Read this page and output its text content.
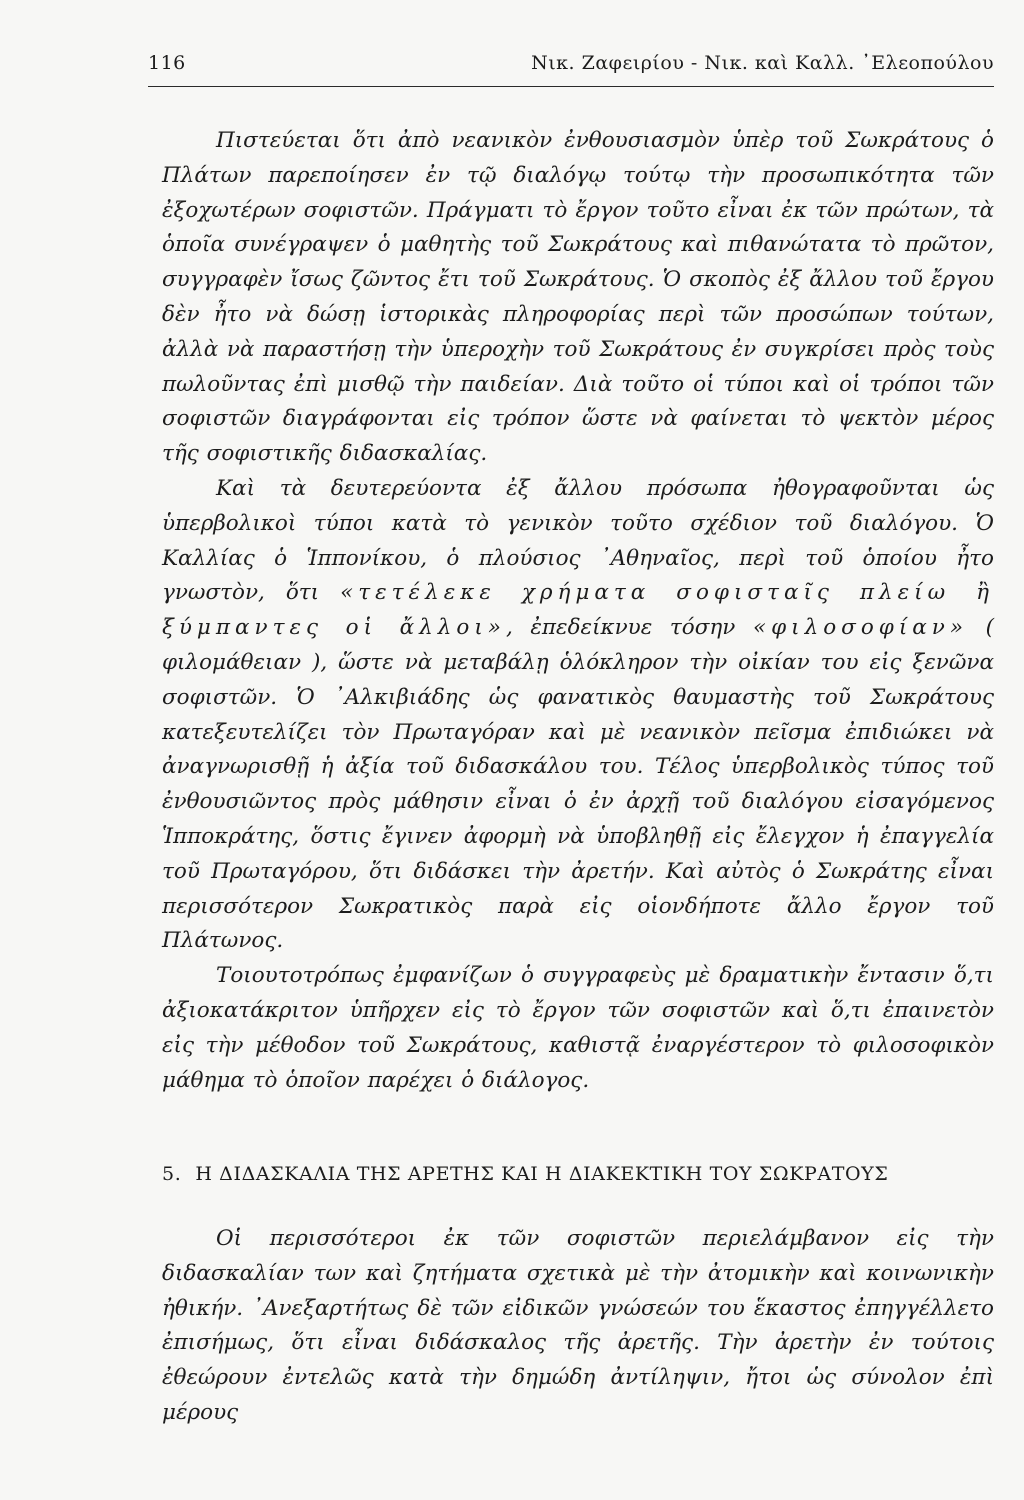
116	Νικ. Ζαφειρίου - Νικ. καὶ Καλλ. ᾿Ελεοπούλου

Πιστεύεται ὅτι ἀπὸ νεανικὸν ἐνθουσιασμὸν ὑπὲρ τοῦ Σωκράτους ὁ Πλάτων παρεποίησεν ἐν τῷ διαλόγῳ τούτῳ τὴν προσωπικότητα τῶν ἐξοχωτέρων σοφιστῶν. Πράγματι τὸ ἔργον τοῦτο εἶναι ἐκ τῶν πρώτων, τὰ ὁποῖα συνέγραψεν ὁ μαθητὴς τοῦ Σωκράτους καὶ πιθανώτατα τὸ πρῶτον, συγγραφὲν ἴσως ζῶντος ἔτι τοῦ Σωκράτους. Ὁ σκοπὸς ἐξ ἄλλου τοῦ ἔργου δὲν ἦτο νὰ δώσῃ ἱστορικὰς πληροφορίας περὶ τῶν προσώπων τούτων, ἀλλὰ νὰ παραστήσῃ τὴν ὑπεροχὴν τοῦ Σωκράτους ἐν συγκρίσει πρὸς τοὺς πωλοῦντας ἐπὶ μισθῷ τὴν παιδείαν. Διὰ τοῦτο οἱ τύποι καὶ οἱ τρόποι τῶν σοφιστῶν διαγράφονται εἰς τρόπον ὥστε νὰ φαίνεται τὸ ψεκτὸν μέρος τῆς σοφιστικῆς διδασκαλίας.

Καὶ τὰ δευτερεύοντα ἐξ ἄλλου πρόσωπα ἠθογραφοῦνται ὡς ὑπερβολικοὶ τύποι κατὰ τὸ γενικὸν τοῦτο σχέδιον τοῦ διαλόγου. Ὁ Καλλίας ὁ Ἱππονίκου, ὁ πλούσιος ᾿Αθηναῖος, περὶ τοῦ ὁποίου ἦτο γνωστὸν, ὅτι «τετέλεκε χρήματα σοφισταῖς πλείω ἢ ξύμπαντες οἱ ἄλλοι», ἐπεδείκνυε τόσην «φιλοσοφίαν» ( φιλομάθειαν ), ὥστε νὰ μεταβάλῃ ὁλόκληρον τὴν οἰκίαν του εἰς ξενῶνα σοφιστῶν. Ὁ ᾿Αλκιβιάδης ὡς φανατικὸς θαυμαστὴς τοῦ Σωκράτους κατεξευτελίζει τὸν Πρωταγόραν καὶ μὲ νεανικὸν πεῖσμα ἐπιδιώκει νὰ ἀναγνωρισθῇ ἡ ἀξία τοῦ διδασκάλου του. Τέλος ὑπερβολικὸς τύπος τοῦ ἐνθουσιῶντος πρὸς μάθησιν εἶναι ὁ ἐν ἀρχῇ τοῦ διαλόγου εἰσαγόμενος Ἱπποκράτης, ὅστις ἔγινεν ἀφορμὴ νὰ ὑποβληθῇ εἰς ἔλεγχον ἡ ἐπαγγελία τοῦ Πρωταγόρου, ὅτι διδάσκει τὴν ἀρετήν. Καὶ αὐτὸς ὁ Σωκράτης εἶναι περισσότερον Σωκρατικὸς παρὰ εἰς οἱονδήποτε ἄλλο ἔργον τοῦ Πλάτωνος.

Τοιουτοτρόπως ἐμφανίζων ὁ συγγραφεὺς μὲ δραματικὴν ἔντασιν ὅ,τι ἀξιοκατάκριτον ὑπῆρχεν εἰς τὸ ἔργον τῶν σοφιστῶν καὶ ὅ,τι ἐπαινετὸν εἰς τὴν μέθοδον τοῦ Σωκράτους, καθιστᾷ ἐναργέστερον τὸ φιλοσοφικὸν μάθημα τὸ ὁποῖον παρέχει ὁ διάλογος.

5. Η ΔΙΔΑΣΚΑΛΙΑ ΤΗΣ ΑΡΕΤΗΣ ΚΑΙ Η ΔΙΑΚΕΚΤΙΚΗ ΤΟΥ ΣΩΚΡΑΤΟΥΣ

Οἱ περισσότεροι ἐκ τῶν σοφιστῶν περιελάμβανον εἰς τὴν διδασκαλίαν των καὶ ζητήματα σχετικὰ μὲ τὴν ἀτομικὴν καὶ κοινωνικὴν ἠθικήν. ᾿Ανεξαρτήτως δὲ τῶν εἰδικῶν γνώσεών του ἕκαστος ἐπηγγέλλετο ἐπισήμως, ὅτι εἶναι διδάσκαλος τῆς ἀρετῆς. Τὴν ἀρετὴν ἐν τούτοις ἐθεώρουν ἐντελῶς κατὰ τὴν δημώδη ἀντίληψιν, ἤτοι ὡς σύνολον ἐπὶ μέρους
